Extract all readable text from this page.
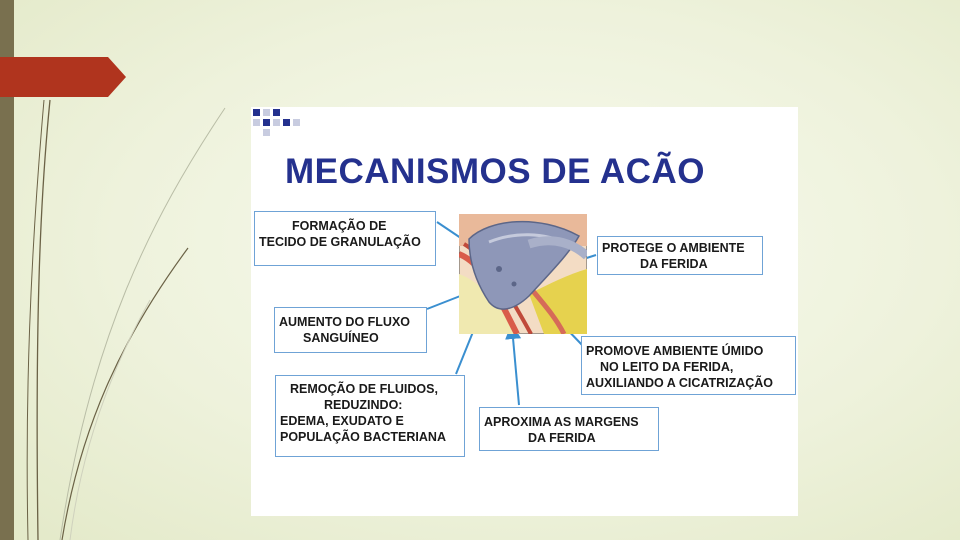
MECANISMOS DE ACÃO
FORMAÇÃO DE
TECIDO DE GRANULAÇÃO	PROTEGE O AMBIENTE
DA FERIDA
AUMENTO DO FLUXO
SANGUÍNEO
PROMOVE AMBIENTE ÚMIDO
NO LEITO DA FERIDA,
AUXILIANDO A CICATRIZAÇÃO
REMOÇÃO DE FLUIDOS,
REDUZINDO:
EDEMA, EXUDATO E
POPULAÇÃO BACTERIANA
APROXIMA AS MARGENS
DA FERIDA
